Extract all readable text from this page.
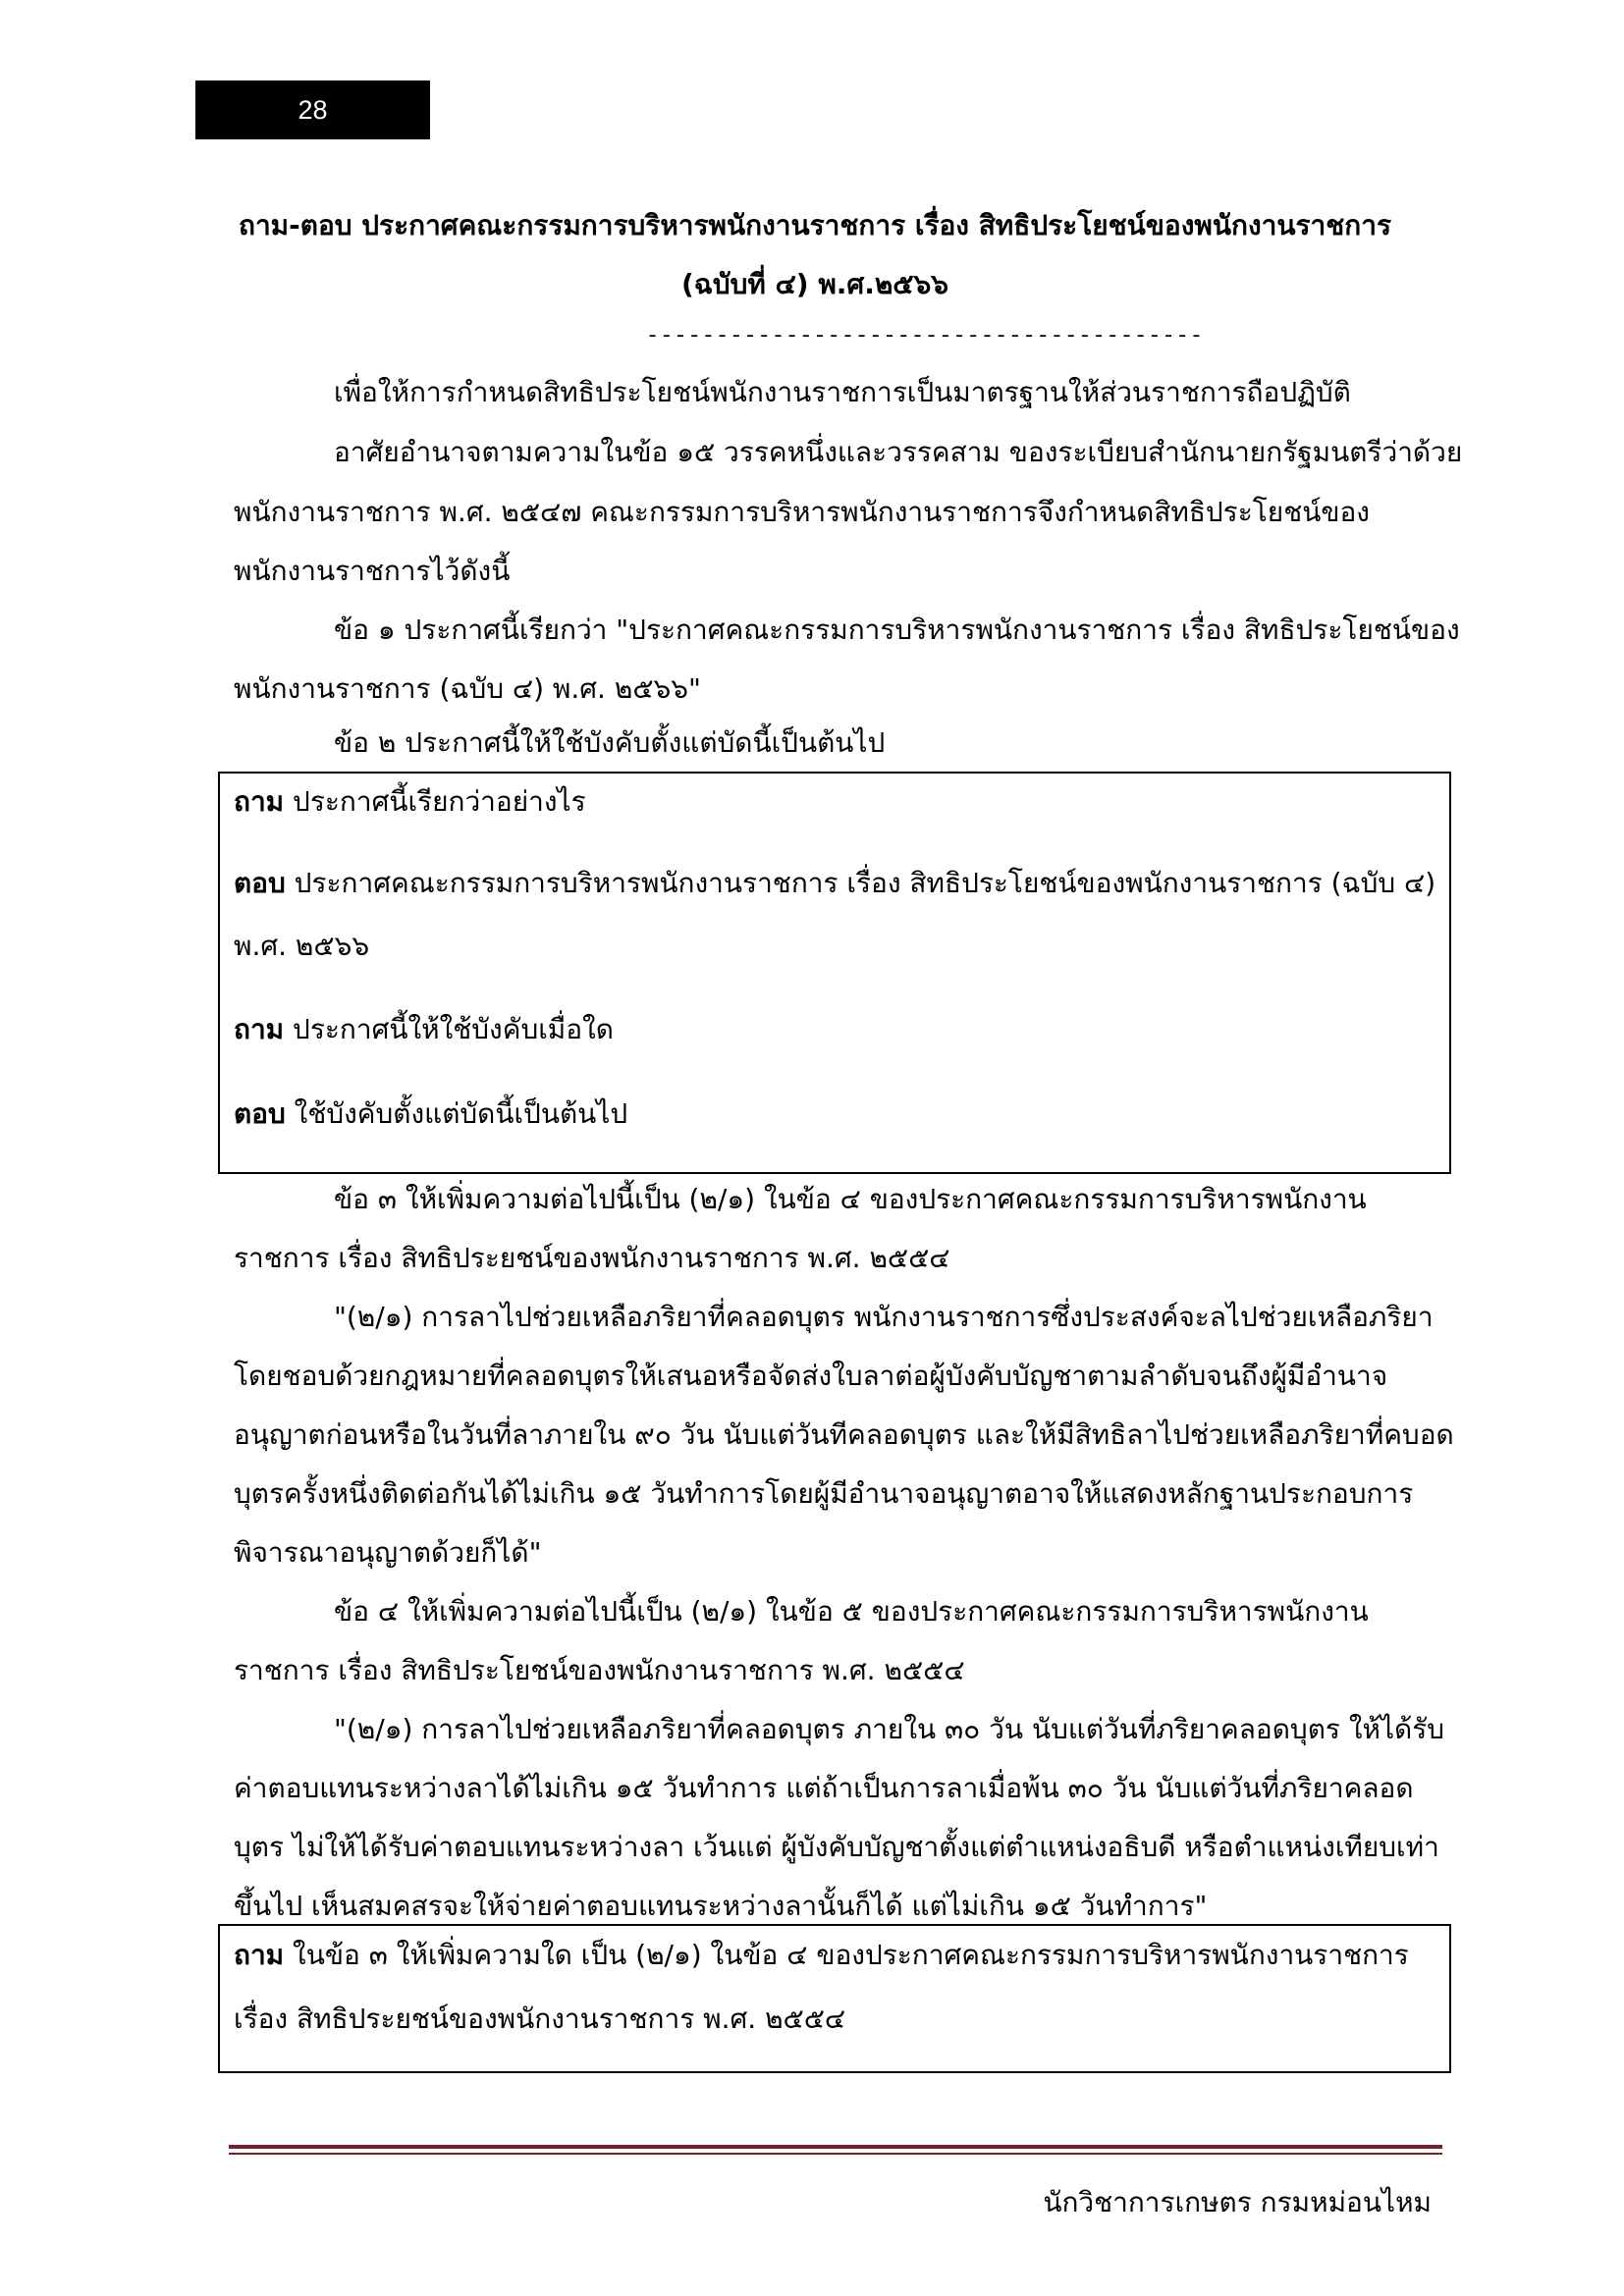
28
ถาม-ตอบ ประกาศคณะกรรมการบริหารพนักงานราชการ เรื่อง สิทธิประโยชน์ของพนักงานราชการ
(ฉบับที่ ๔) พ.ศ.๒๕๖๖
----------------------------------------
เพื่อให้การกำหนดสิทธิประโยชน์พนักงานราชการเป็นมาตรฐานให้ส่วนราชการถือปฏิบัติ
อาศัยอำนาจตามความในข้อ ๑๕ วรรคหนึ่งและวรรคสาม ของระเบียบสำนักนายกรัฐมนตรีว่าด้วย
พนักงานราชการ พ.ศ. ๒๕๔๗ คณะกรรมการบริหารพนักงานราชการจึงกำหนดสิทธิประโยชน์ของ
พนักงานราชการไว้ดังนี้
ข้อ ๑ ประกาศนี้เรียกว่า "ประกาศคณะกรรมการบริหารพนักงานราชการ เรื่อง สิทธิประโยชน์ของ
พนักงานราชการ (ฉบับ ๔) พ.ศ. ๒๕๖๖"
ข้อ ๒ ประกาศนี้ให้ใช้บังคับตั้งแต่บัดนี้เป็นต้นไป
ถาม ประกาศนี้เรียกว่าอย่างไร
ตอบ ประกาศคณะกรรมการบริหารพนักงานราชการ เรื่อง สิทธิประโยชน์ของพนักงานราชการ (ฉบับ ๔)
พ.ศ. ๒๕๖๖
ถาม ประกาศนี้ให้ใช้บังคับเมื่อใด
ตอบ ใช้บังคับตั้งแต่บัดนี้เป็นต้นไป
ข้อ ๓ ให้เพิ่มความต่อไปนี้เป็น (๒/๑) ในข้อ ๔ ของประกาศคณะกรรมการบริหารพนักงาน
ราชการ เรื่อง สิทธิประยชน์ของพนักงานราชการ พ.ศ. ๒๕๕๔
"(๒/๑) การลาไปช่วยเหลือภริยาที่คลอดบุตร พนักงานราชการซึ่งประสงค์จะลไปช่วยเหลือภริยา
โดยชอบด้วยกฎหมายที่คลอดบุตรให้เสนอหรือจัดส่งใบลาต่อผู้บังคับบัญชาตามลำดับจนถึงผู้มีอำนาจ
อนุญาตก่อนหรือในวันที่ลาภายใน ๙๐ วัน นับแต่วันทีคลอดบุตร และให้มีสิทธิลาไปช่วยเหลือภริยาที่คบอด
บุตรครั้งหนึ่งติดต่อกันได้ไม่เกิน ๑๕ วันทำการโดยผู้มีอำนาจอนุญาตอาจให้แสดงหลักฐานประกอบการ
พิจารณาอนุญาตด้วยก็ได้"
ข้อ ๔ ให้เพิ่มความต่อไปนี้เป็น (๒/๑) ในข้อ ๕ ของประกาศคณะกรรมการบริหารพนักงาน
ราชการ เรื่อง สิทธิประโยชน์ของพนักงานราชการ พ.ศ. ๒๕๕๔
"(๒/๑) การลาไปช่วยเหลือภริยาที่คลอดบุตร ภายใน ๓๐ วัน นับแต่วันที่ภริยาคลอดบุตร ให้ได้รับ
ค่าตอบแทนระหว่างลาได้ไม่เกิน ๑๕ วันทำการ แต่ถ้าเป็นการลาเมื่อพ้น ๓๐ วัน นับแต่วันที่ภริยาคลอด
บุตร ไม่ให้ได้รับค่าตอบแทนระหว่างลา เว้นแต่ ผู้บังคับบัญชาตั้งแต่ตำแหน่งอธิบดี หรือตำแหน่งเทียบเท่า
ขึ้นไป เห็นสมคสรจะให้จ่ายค่าตอบแทนระหว่างลานั้นก็ได้ แต่ไม่เกิน ๑๕ วันทำการ"
ถาม ในข้อ ๓ ให้เพิ่มความใด เป็น (๒/๑) ในข้อ ๔ ของประกาศคณะกรรมการบริหารพนักงานราชการ
เรื่อง สิทธิประยชน์ของพนักงานราชการ พ.ศ. ๒๕๕๔
นักวิชาการเกษตร กรมหม่อนไหม
